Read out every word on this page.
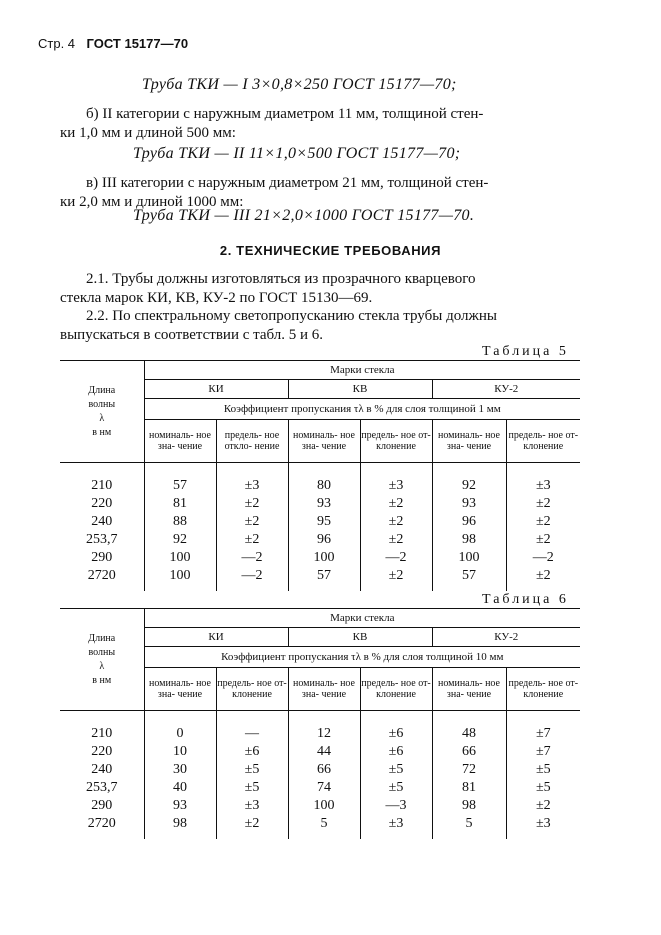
Стр. 4 ГОСТ 15177—70
Труба ТКИ — I 3×0,8×250 ГОСТ 15177—70;
б) II категории с наружным диаметром 11 мм, толщиной стен-
ки 1,0 мм и длиной 500 мм:
Труба ТКИ — II 11×1,0×500 ГОСТ 15177—70;
в) III категории с наружным диаметром 21 мм, толщиной стен-
ки 2,0 мм и длиной 1000 мм:
Труба ТКИ — III 21×2,0×1000 ГОСТ 15177—70.
2. ТЕХНИЧЕСКИЕ ТРЕБОВАНИЯ
2.1. Трубы должны изготовляться из прозрачного кварцевого
стекла марок КИ, КВ, КУ-2 по ГОСТ 15130—69.
2.2. По спектральному светопропусканию стекла трубы должны
выпускаться в соответствии с табл. 5 и 6.
Таблица 5
Длина
волны
λ
в нм	Марки стекла					
	КИ		КВ		КУ-2	
	Коэффициент пропускания τλ в % для слоя толщиной 1 мм					
	номиналь- ное зна- чение	предель- ное откло- нение	номиналь- ное зна- чение	предель- ное от- клонение	номиналь- ное зна- чение	предель- ное от- клонение

210	57	±3	80	±3	92	±3
220	81	±2	93	±2	93	±2
240	88	±2	95	±2	96	±2
253,7	92	±2	96	±2	98	±2
290	100	—2	100	—2	100	—2
2720	100	—2	57	±2	57	±2

Таблица 6
Длина
волны
λ
в нм	Марки стекла					
	КИ		КВ		КУ-2	
	Коэффициент пропускания τλ в % для слоя толщиной 10 мм					
	номиналь- ное зна- чение	предель- ное от- клонение	номиналь- ное зна- чение	предель- ное от- клонение	номиналь- ное зна- чение	предель- ное от- клонение

210	0	—	12	±6	48	±7
220	10	±6	44	±6	66	±7
240	30	±5	66	±5	72	±5
253,7	40	±5	74	±5	81	±5
290	93	±3	100	—3	98	±2
2720	98	±2	5	±3	5	±3
